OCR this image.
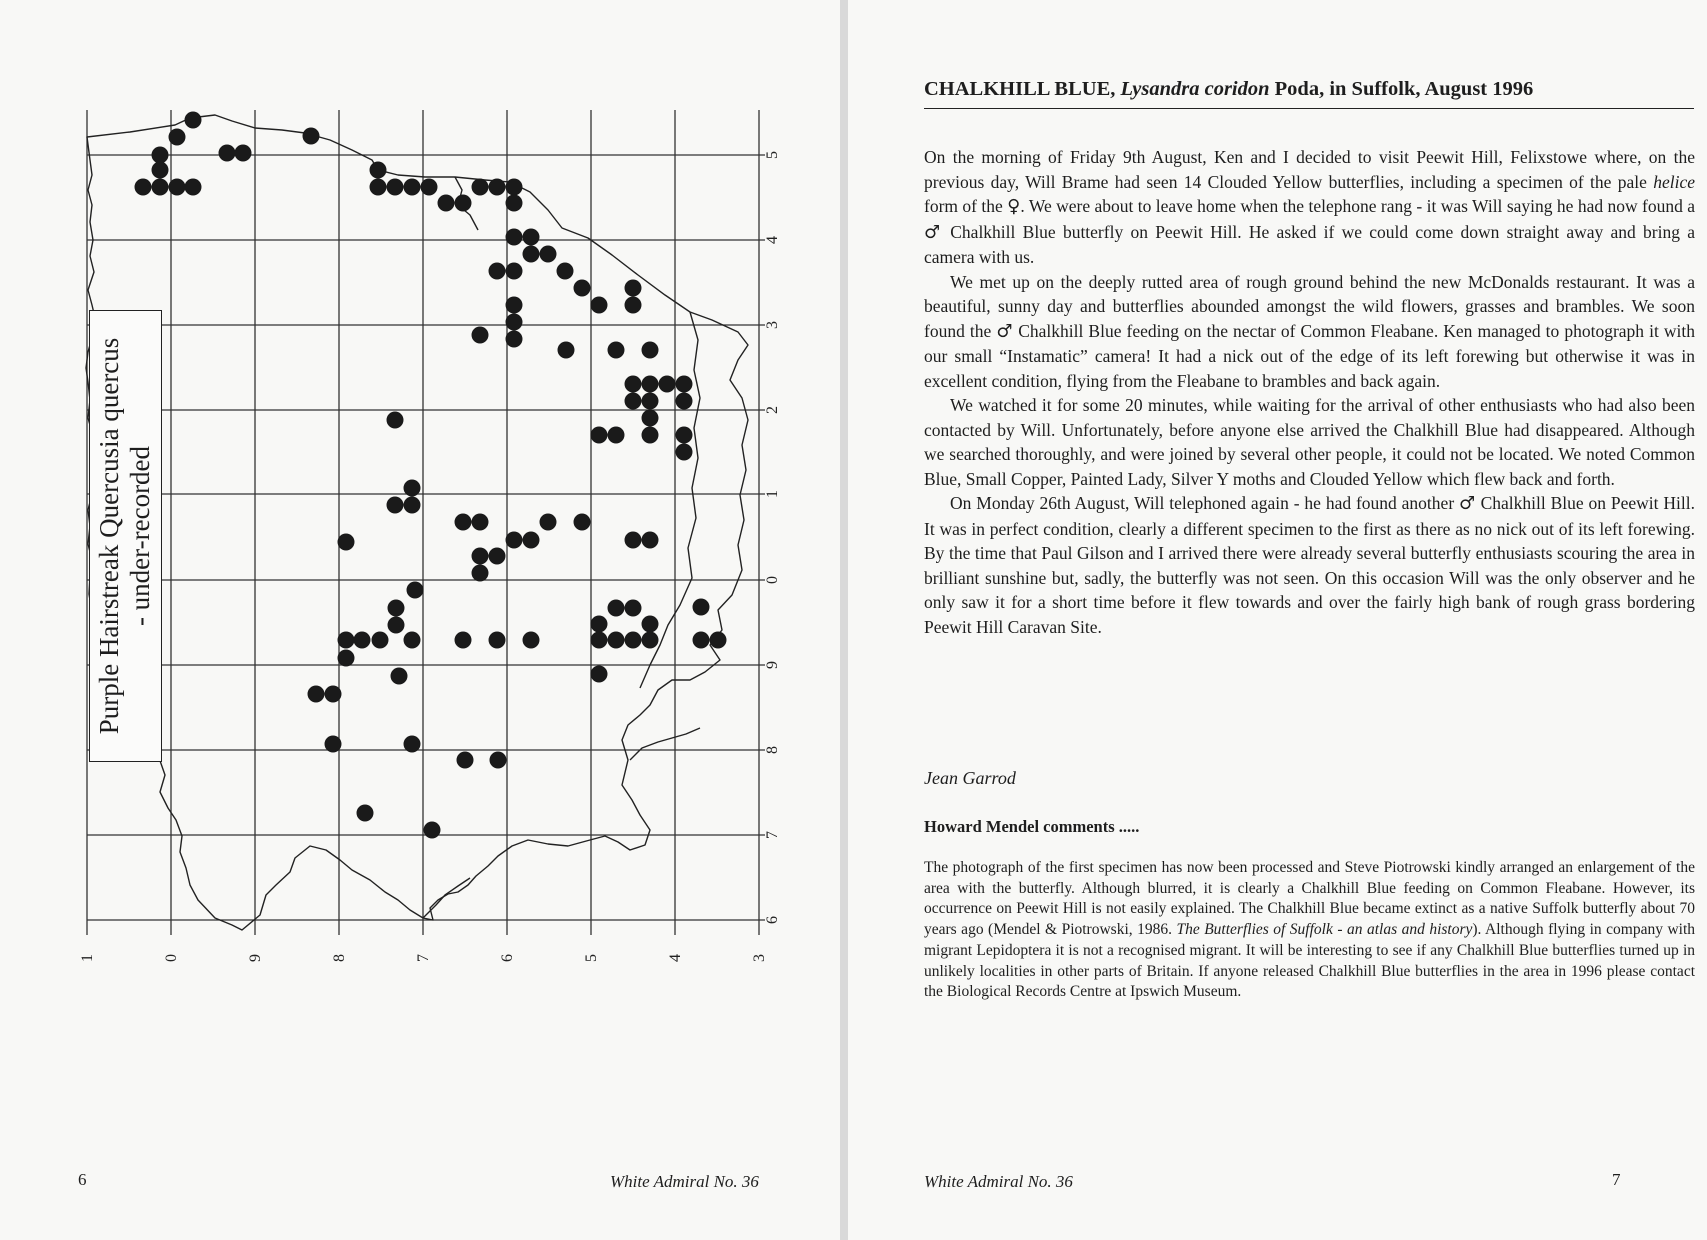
5
4
3
2
1
0
9
8
7
6
1	0	9	8	7	6	5	4	3
Purple Hairstreak Quercusia quercus - under-recorded
6	White Admiral No. 36
CHALKHILL BLUE, Lysandra coridon Poda, in Suffolk, August 1996

On the morning of Friday 9th August, Ken and I decided to visit Peewit Hill, Felixstowe where, on the previous day, Will Brame had seen 14 Clouded Yellow butterflies, including a specimen of the pale helice form of the ♀. We were about to leave home when the telephone rang - it was Will saying he had now found a ♂ Chalkhill Blue butterfly on Peewit Hill. He asked if we could come down straight away and bring a camera with us.

We met up on the deeply rutted area of rough ground behind the new McDonalds restaurant. It was a beautiful, sunny day and butterflies abounded amongst the wild flowers, grasses and brambles. We soon found the ♂ Chalkhill Blue feeding on the nectar of Common Fleabane. Ken managed to photograph it with our small “Instamatic” camera! It had a nick out of the edge of its left forewing but otherwise it was in excellent condition, flying from the Fleabane to brambles and back again.

We watched it for some 20 minutes, while waiting for the arrival of other enthusiasts who had also been contacted by Will. Unfortunately, before anyone else arrived the Chalkhill Blue had disappeared. Although we searched thoroughly, and were joined by several other people, it could not be located. We noted Common Blue, Small Copper, Painted Lady, Silver Y moths and Clouded Yellow which flew back and forth.

On Monday 26th August, Will telephoned again - he had found another ♂ Chalkhill Blue on Peewit Hill. It was in perfect condition, clearly a different specimen to the first as there as no nick out of its left forewing. By the time that Paul Gilson and I arrived there were already several butterfly enthusiasts scouring the area in brilliant sunshine but, sadly, the butterfly was not seen. On this occasion Will was the only observer and he only saw it for a short time before it flew towards and over the fairly high bank of rough grass bordering Peewit Hill Caravan Site.

Jean Garrod
Howard Mendel comments .....

The photograph of the first specimen has now been processed and Steve Piotrowski kindly arranged an enlargement of the area with the butterfly. Although blurred, it is clearly a Chalkhill Blue feeding on Common Fleabane. However, its occurrence on Peewit Hill is not easily explained. The Chalkhill Blue became extinct as a native Suffolk butterfly about 70 years ago (Mendel & Piotrowski, 1986. The Butterflies of Suffolk - an atlas and history). Although flying in company with migrant Lepidoptera it is not a recognised migrant. It will be interesting to see if any Chalkhill Blue butterflies turned up in unlikely localities in other parts of Britain. If anyone released Chalkhill Blue butterflies in the area in 1996 please contact the Biological Records Centre at Ipswich Museum.

White Admiral No. 36	7
